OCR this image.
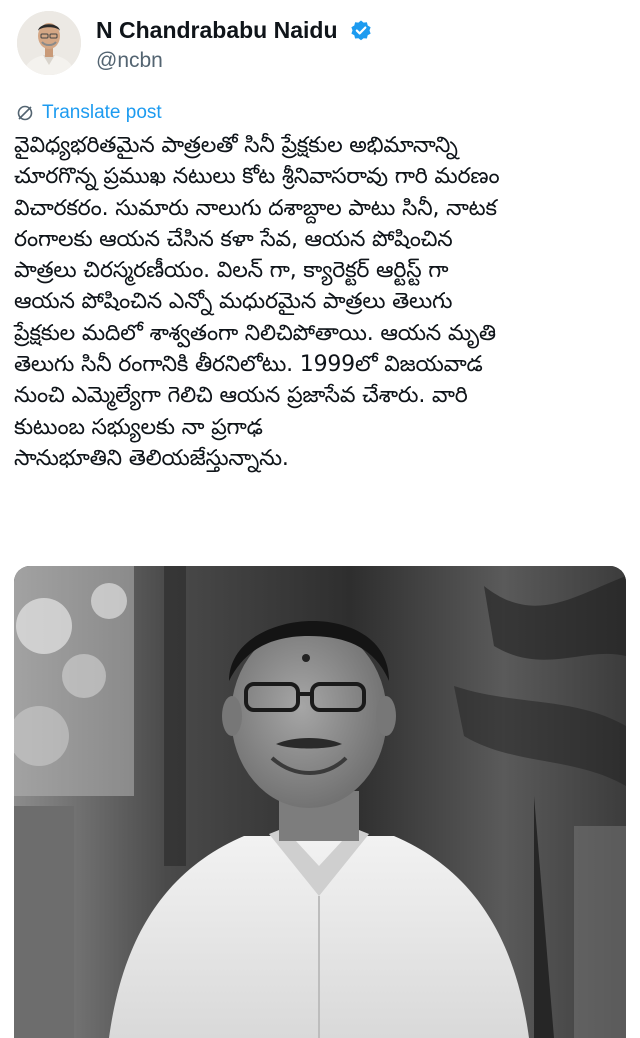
N Chandrababu Naidu
@ncbn
Translate post
వైవిధ్యభరితమైన పాత్రలతో సినీ ప్రేక్షకుల అభిమానాన్ని
చూరగొన్న ప్రముఖ నటులు కోట శ్రీనివాసరావు గారి మరణం
విచారకరం. సుమారు నాలుగు దశాబ్దాల పాటు సినీ, నాటక
రంగాలకు ఆయన చేసిన కళా సేవ, ఆయన పోషించిన
పాత్రలు చిరస్మరణీయం. విలన్ గా, క్యారెక్టర్ ఆర్టిస్ట్ గా
ఆయన పోషించిన ఎన్నో మధురమైన పాత్రలు తెలుగు
ప్రేక్షకుల మదిలో శాశ్వతంగా నిలిచిపోతాయి. ఆయన మృతి
తెలుగు సినీ రంగానికి తీరనిలోటు. 1999లో విజయవాడ
నుంచి ఎమ్మెల్యేగా గెలిచి ఆయన ప్రజాసేవ చేశారు. వారి
కుటుంబ సభ్యులకు నా ప్రగాఢ
సానుభూతిని తెలియజేస్తున్నాను.
